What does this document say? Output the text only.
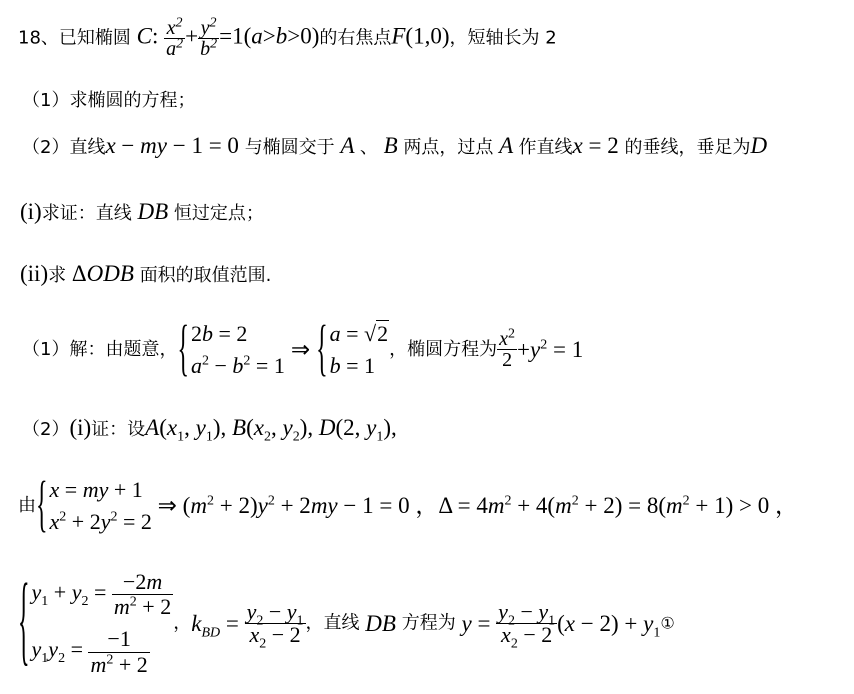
18、已知椭圆 C: $\frac{x^2}{a^2} + \frac{y^2}{b^2} =1(a>b>0)$的右焦点F(1,0)，短轴长为 2
（1）求椭圆的方程；
（2）直线x − my − 1 = 0 与椭圆交于 A 、 B 两点，过点 A 作直线x = 2 的垂线，垂足为D
(i)求证：直线 DB 恒过定点；
(ii)求 ΔODB 面积的取值范围.
（1）解：由题意，{ 2b = 2
$a^2 - b^2 = 1$
⇒ { a = √2
b = 1
，椭圆方程为 $\frac{x^2}{2} +y^2 = 1$
（2）(i)证：设$A(x_1$, $y_1$), $B(x_2$, $y_2$), D(2, $y_1$),
由{ x = my + 1
$x^2 + 2y^2 = 2$
⇒ $(m^2 + 2)y^2 + 2my - 1 = 0$ ，$\Delta = 4m^2 + 4(m^2 + 2) = 8(m^2 + 1) > 0$ ，
{ $y_1 + y_2 = \frac{-2m}{m^2 + 2}$
$y_1y_2 = \frac{-1}{m^2 + 2}$
，$k_{BD} = \frac{y_2 - y_1}{x_2 - 2}$ ，直线 DB 方程为 $y = \frac{y_2 - y_1}{x_2 - 2} (x - 2)$ + $y_1①$
